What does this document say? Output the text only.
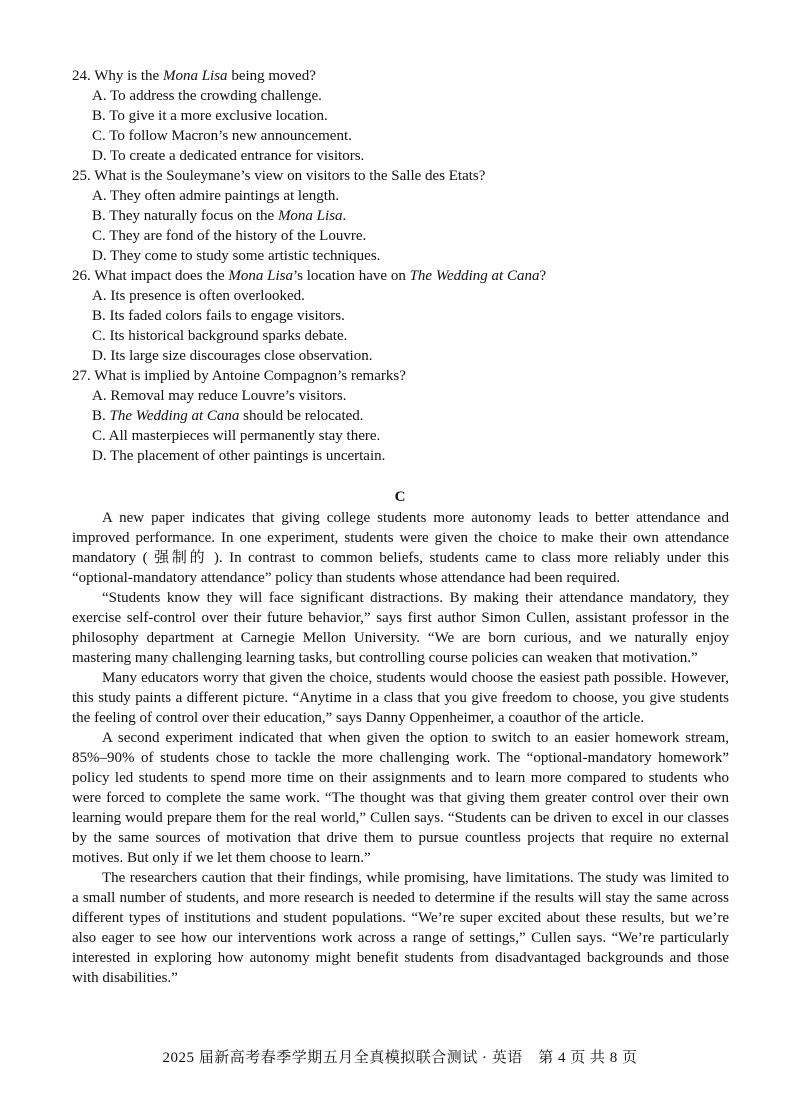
24. Why is the Mona Lisa being moved?

A. To address the crowding challenge.

B. To give it a more exclusive location.

C. To follow Macron’s new announcement.

D. To create a dedicated entrance for visitors.

25. What is the Souleymane’s view on visitors to the Salle des Etats?

A. They often admire paintings at length.

B. They naturally focus on the Mona Lisa.

C. They are fond of the history of the Louvre.

D. They come to study some artistic techniques.

26. What impact does the Mona Lisa’s location have on The Wedding at Cana?

A. Its presence is often overlooked.

B. Its faded colors fails to engage visitors.

C. Its historical background sparks debate.

D. Its large size discourages close observation.

27. What is implied by Antoine Compagnon’s remarks?

A. Removal may reduce Louvre’s visitors.

B. The Wedding at Cana should be relocated.

C. All masterpieces will permanently stay there.

D. The placement of other paintings is uncertain.

C

A new paper indicates that giving college students more autonomy leads to better attendance and improved performance. In one experiment, students were given the choice to make their own attendance mandatory ( 强制的 ). In contrast to common beliefs, students came to class more reliably under this “optional-mandatory attendance” policy than students whose attendance had been required.

“Students know they will face significant distractions. By making their attendance mandatory, they exercise self-control over their future behavior,” says first author Simon Cullen, assistant professor in the philosophy department at Carnegie Mellon University. “We are born curious, and we naturally enjoy mastering many challenging learning tasks, but controlling course policies can weaken that motivation.”

Many educators worry that given the choice, students would choose the easiest path possible. However, this study paints a different picture. “Anytime in a class that you give freedom to choose, you give students the feeling of control over their education,” says Danny Oppenheimer, a coauthor of the article.

A second experiment indicated that when given the option to switch to an easier homework stream, 85%–90% of students chose to tackle the more challenging work. The “optional-mandatory homework” policy led students to spend more time on their assignments and to learn more compared to students who were forced to complete the same work. “The thought was that giving them greater control over their own learning would prepare them for the real world,” Cullen says. “Students can be driven to excel in our classes by the same sources of motivation that drive them to pursue countless projects that require no external motives. But only if we let them choose to learn.”

The researchers caution that their findings, while promising, have limitations. The study was limited to a small number of students, and more research is needed to determine if the results will stay the same across different types of institutions and student populations. “We’re super excited about these results, but we’re also eager to see how our interventions work across a range of settings,” Cullen says. “We’re particularly interested in exploring how autonomy might benefit students from disadvantaged backgrounds and those with disabilities.”

2025 届新高考春季学期五月全真模拟联合测试 · 英语　第 4 页 共 8 页
